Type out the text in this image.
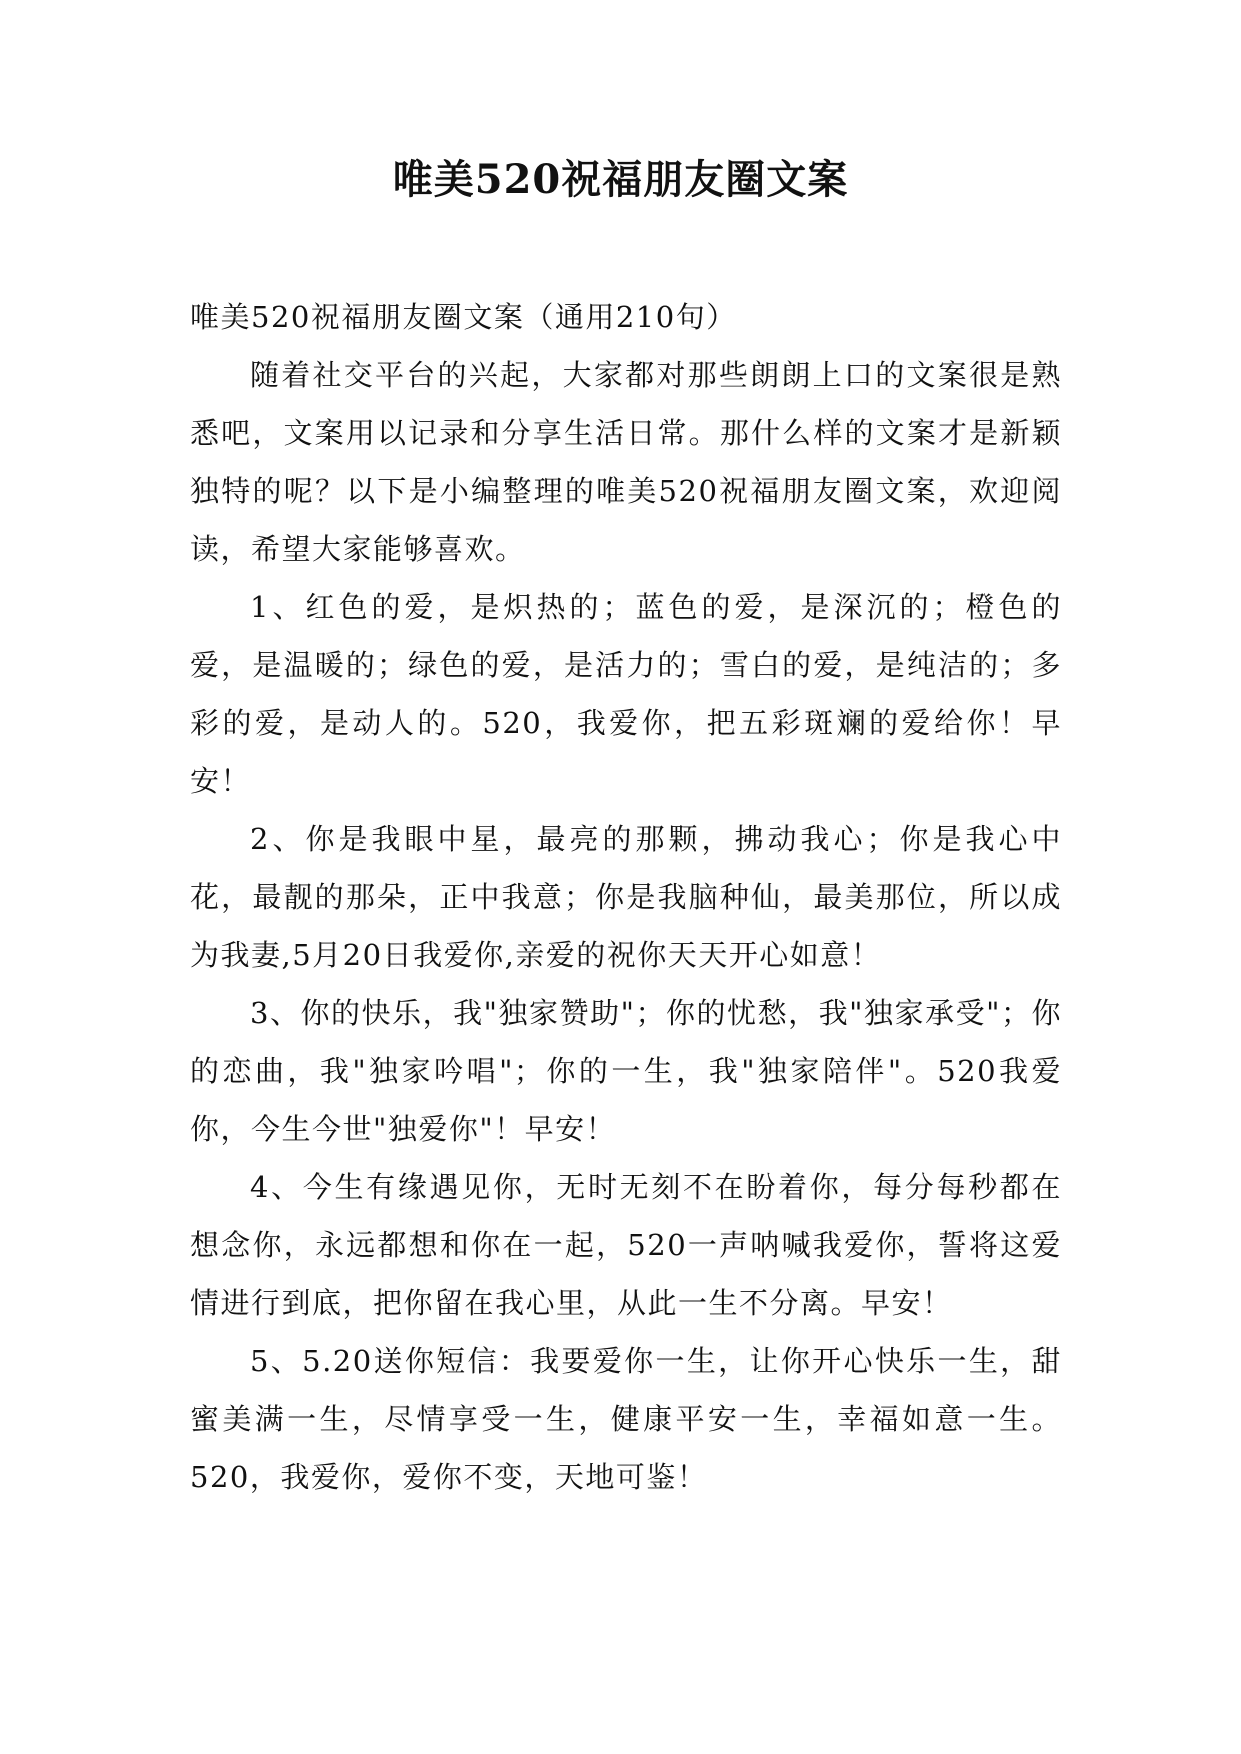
唯美520祝福朋友圈文案

唯美520祝福朋友圈文案（通用210句）

随着社交平台的兴起，大家都对那些朗朗上口的文案很是熟悉吧，文案用以记录和分享生活日常。那什么样的文案才是新颖独特的呢？以下是小编整理的唯美520祝福朋友圈文案，欢迎阅读，希望大家能够喜欢。

1、红色的爱，是炽热的；蓝色的爱，是深沉的；橙色的爱，是温暖的；绿色的爱，是活力的；雪白的爱，是纯洁的；多彩的爱，是动人的。520，我爱你，把五彩斑斓的爱给你！早安！

2、你是我眼中星，最亮的那颗，拂动我心；你是我心中花，最靓的那朵，正中我意；你是我脑种仙，最美那位，所以成为我妻,5月20日我爱你,亲爱的祝你天天开心如意！

3、你的快乐，我"独家赞助"；你的忧愁，我"独家承受"；你的恋曲，我"独家吟唱"；你的一生，我"独家陪伴"。520我爱你，今生今世"独爱你"！早安！

4、今生有缘遇见你，无时无刻不在盼着你，每分每秒都在想念你，永远都想和你在一起，520一声呐喊我爱你，誓将这爱情进行到底，把你留在我心里，从此一生不分离。早安！

5、5.20送你短信：我要爱你一生，让你开心快乐一生，甜蜜美满一生，尽情享受一生，健康平安一生，幸福如意一生。520，我爱你，爱你不变，天地可鉴！
